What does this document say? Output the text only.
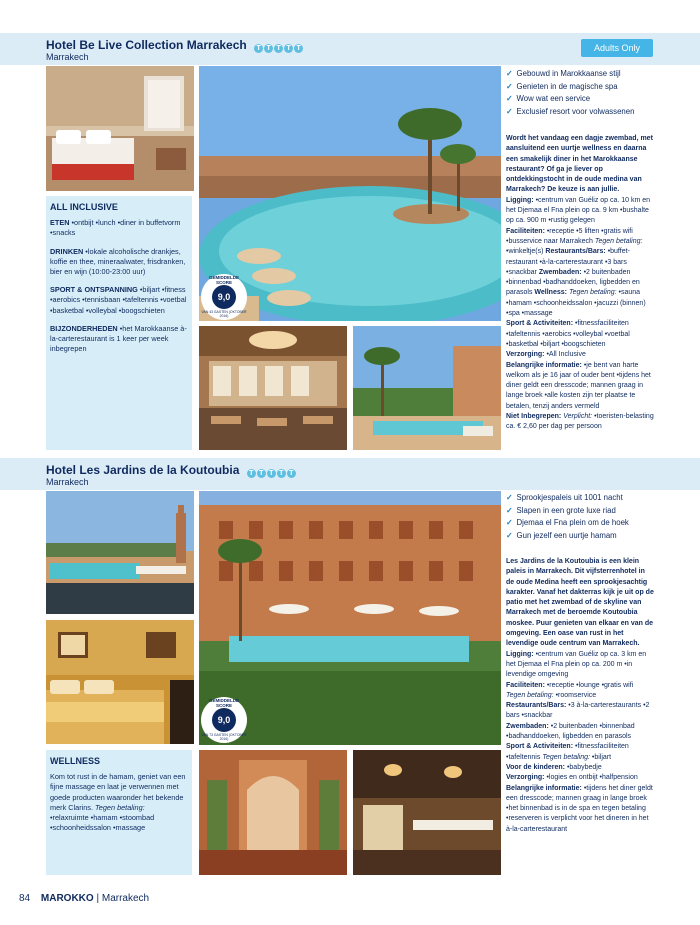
Hotel Be Live Collection Marrakech T T T T T
Marrakech
Adults Only
GEMIDDELDE SCORE
9,0
VAN 43 GASTEN (OKTOBER 2016)
ALL INCLUSIVE

ETEN •ontbijt •lunch •diner in buffetvorm •snacks

DRINKEN •lokale alcoholische drankjes, koffie en thee, mineraalwater, frisdranken, bier en wijn (10:00-23:00 uur)

SPORT & ONTSPANNING •biljart •fitness •aerobics •tennisbaan •tafeltennis •voetbal •basketbal •volleybal •boogschieten

BIJZONDERHEDEN •het Marokkaanse à-la-carterestaurant is 1 keer per week inbegrepen

✓ Gebouwd in Marokkaanse stijl
✓ Genieten in de magische spa
✓ Wow wat een service
✓ Exclusief resort voor volwassenen
Wordt het vandaag een dagje zwembad, met aansluitend een uurtje wellness en daarna een smakelijk diner in het Marokkaanse restaurant? Of ga je liever op ontdekkingstocht in de oude medina van Marrakech? De keuze is aan jullie.
Ligging: •centrum van Guéliz op ca. 10 km en het Djemaa el Fna plein op ca. 9 km •bushalte op ca. 900 m •rustig gelegen
Faciliteiten: •receptie •5 liften •gratis wifi •busservice naar Marrakech Tegen betaling: •winkeltje(s) Restaurants/Bars: •buffet-restaurant •à-la-carterestaurant •3 bars •snackbar Zwembaden: •2 buitenbaden •binnenbad •badhanddoeken, ligbedden en parasols Wellness: Tegen betaling: •sauna •hamam •schoonheidssalon •jacuzzi (binnen) •spa •massage
Sport & Activiteiten: •fitnessfaciliteiten •tafeltennis •aerobics •volleybal •voetbal •basketbal •biljart •boogschieten
Verzorging: •All Inclusive
Belangrijke informatie: •je bent van harte welkom als je 16 jaar of ouder bent •tijdens het diner geldt een dresscode; mannen graag in lange broek •alle kosten zijn ter plaatse te betalen, tenzij anders vermeld
Niet Inbegrepen: Verplicht: •toeristen-belasting ca. € 2,60 per dag per persoon
Hotel Les Jardins de la Koutoubia T T T T T
Marrakech
GEMIDDELDE SCORE
9,0
VAN 73 GASTEN (OKTOBER 2016)
WELLNESS
Kom tot rust in de hamam, geniet van een fijne massage en laat je verwennen met goede producten waaronder het bekende merk Clarins. Tegen betaling:
•relaxruimte •hamam •stoombad •schoonheidssalon •massage
✓ Sprookjespaleis uit 1001 nacht
✓ Slapen in een grote luxe riad
✓ Djemaa el Fna plein om de hoek
✓ Gun jezelf een uurtje hamam
Les Jardins de la Koutoubia is een klein paleis in Marrakech. Dit vijfsterrenhotel in de oude Medina heeft een sprookjesachtig karakter. Vanaf het dakterras kijk je uit op de patio met het zwembad of de skyline van Marrakech met de beroemde Koutoubia moskee. Puur genieten van elkaar en van de omgeving. Een oase van rust in het levendige oude centrum van Marrakech.
Ligging: •centrum van Guéliz op ca. 3 km en het Djemaa el Fna plein op ca. 200 m •in levendige omgeving
Faciliteiten: •receptie •lounge •gratis wifi Tegen betaling: •roomservice
Restaurants/Bars: •3 à-la-carterestaurants •2 bars •snackbar
Zwembaden: •2 buitenbaden •binnenbad •badhanddoeken, ligbedden en parasols
Sport & Activiteiten: •fitnessfaciliteiten •tafeltennis Tegen betaling: •biljart
Voor de kinderen: •babybedje
Verzorging: •logies en ontbijt •halfpension
Belangrijke informatie: •tijdens het diner geldt een dresscode; mannen graag in lange broek •het binnenbad is in de spa en tegen betaling •reserveren is verplicht voor het dineren in het à-la-carterestaurant
84 MAROKKO | Marrakech
